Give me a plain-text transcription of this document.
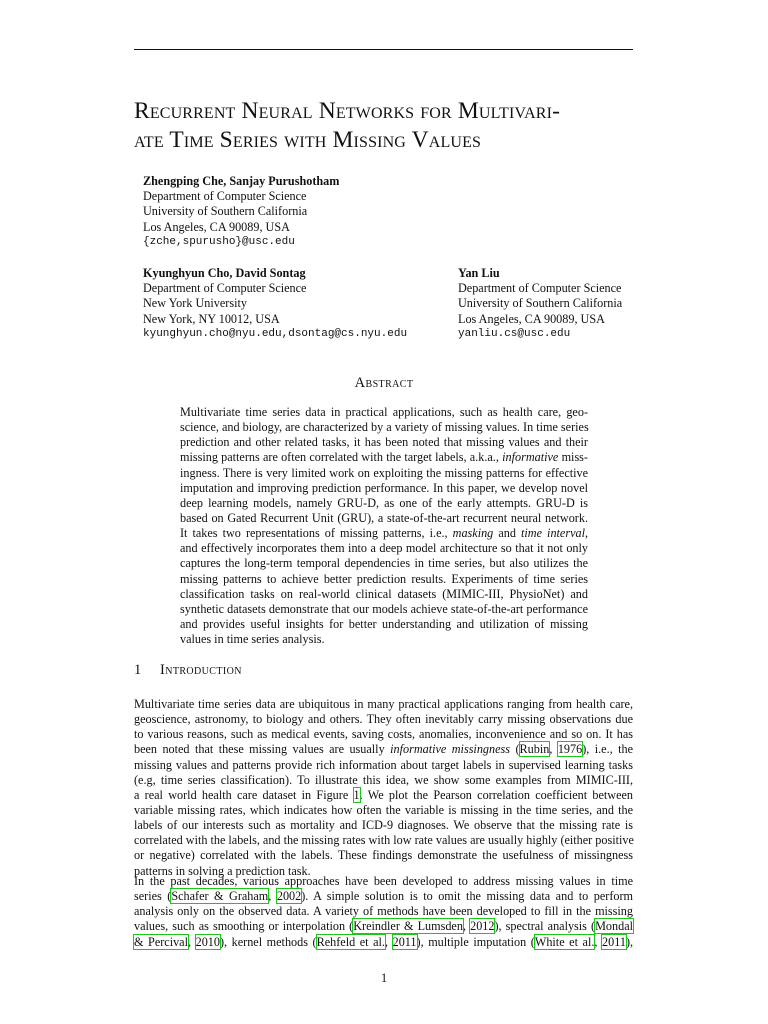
Recurrent Neural Networks for Multivari-
ate Time Series with Missing Values
Zhengping Che, Sanjay Purushotham
Department of Computer Science
University of Southern California
Los Angeles, CA 90089, USA
{zche,spurusho}@usc.edu
Kyunghyun Cho, David Sontag
Department of Computer Science
New York University
New York, NY 10012, USA
kyunghyun.cho@nyu.edu,dsontag@cs.nyu.edu
Yan Liu
Department of Computer Science
University of Southern California
Los Angeles, CA 90089, USA
yanliu.cs@usc.edu
Abstract
Multivariate time series data in practical applications, such as health care, geo-
science, and biology, are characterized by a variety of missing values. In time series
prediction and other related tasks, it has been noted that missing values and their
missing patterns are often correlated with the target labels, a.k.a., informative miss-
ingness. There is very limited work on exploiting the missing patterns for effective
imputation and improving prediction performance. In this paper, we develop novel
deep learning models, namely GRU-D, as one of the early attempts. GRU-D is
based on Gated Recurrent Unit (GRU), a state-of-the-art recurrent neural network.
It takes two representations of missing patterns, i.e., masking and time interval,
and effectively incorporates them into a deep model architecture so that it not only
captures the long-term temporal dependencies in time series, but also utilizes the
missing patterns to achieve better prediction results. Experiments of time series
classification tasks on real-world clinical datasets (MIMIC-III, PhysioNet) and
synthetic datasets demonstrate that our models achieve state-of-the-art performance
and provides useful insights for better understanding and utilization of missing
values in time series analysis.
1 Introduction
Multivariate time series data are ubiquitous in many practical applications ranging from health care,
geoscience, astronomy, to biology and others. They often inevitably carry missing observations due
to various reasons, such as medical events, saving costs, anomalies, inconvenience and so on. It has
been noted that these missing values are usually informative missingness (Rubin, 1976), i.e., the
missing values and patterns provide rich information about target labels in supervised learning tasks
(e.g, time series classification). To illustrate this idea, we show some examples from MIMIC-III,
a real world health care dataset in Figure 1. We plot the Pearson correlation coefficient between
variable missing rates, which indicates how often the variable is missing in the time series, and the
labels of our interests such as mortality and ICD-9 diagnoses. We observe that the missing rate is
correlated with the labels, and the missing rates with low rate values are usually highly (either positive
or negative) correlated with the labels. These findings demonstrate the usefulness of missingness
patterns in solving a prediction task.
In the past decades, various approaches have been developed to address missing values in time
series (Schafer & Graham, 2002). A simple solution is to omit the missing data and to perform
analysis only on the observed data. A variety of methods have been developed to fill in the missing
values, such as smoothing or interpolation (Kreindler & Lumsden, 2012), spectral analysis (Mondal
& Percival, 2010), kernel methods (Rehfeld et al., 2011), multiple imputation (White et al., 2011),
1
